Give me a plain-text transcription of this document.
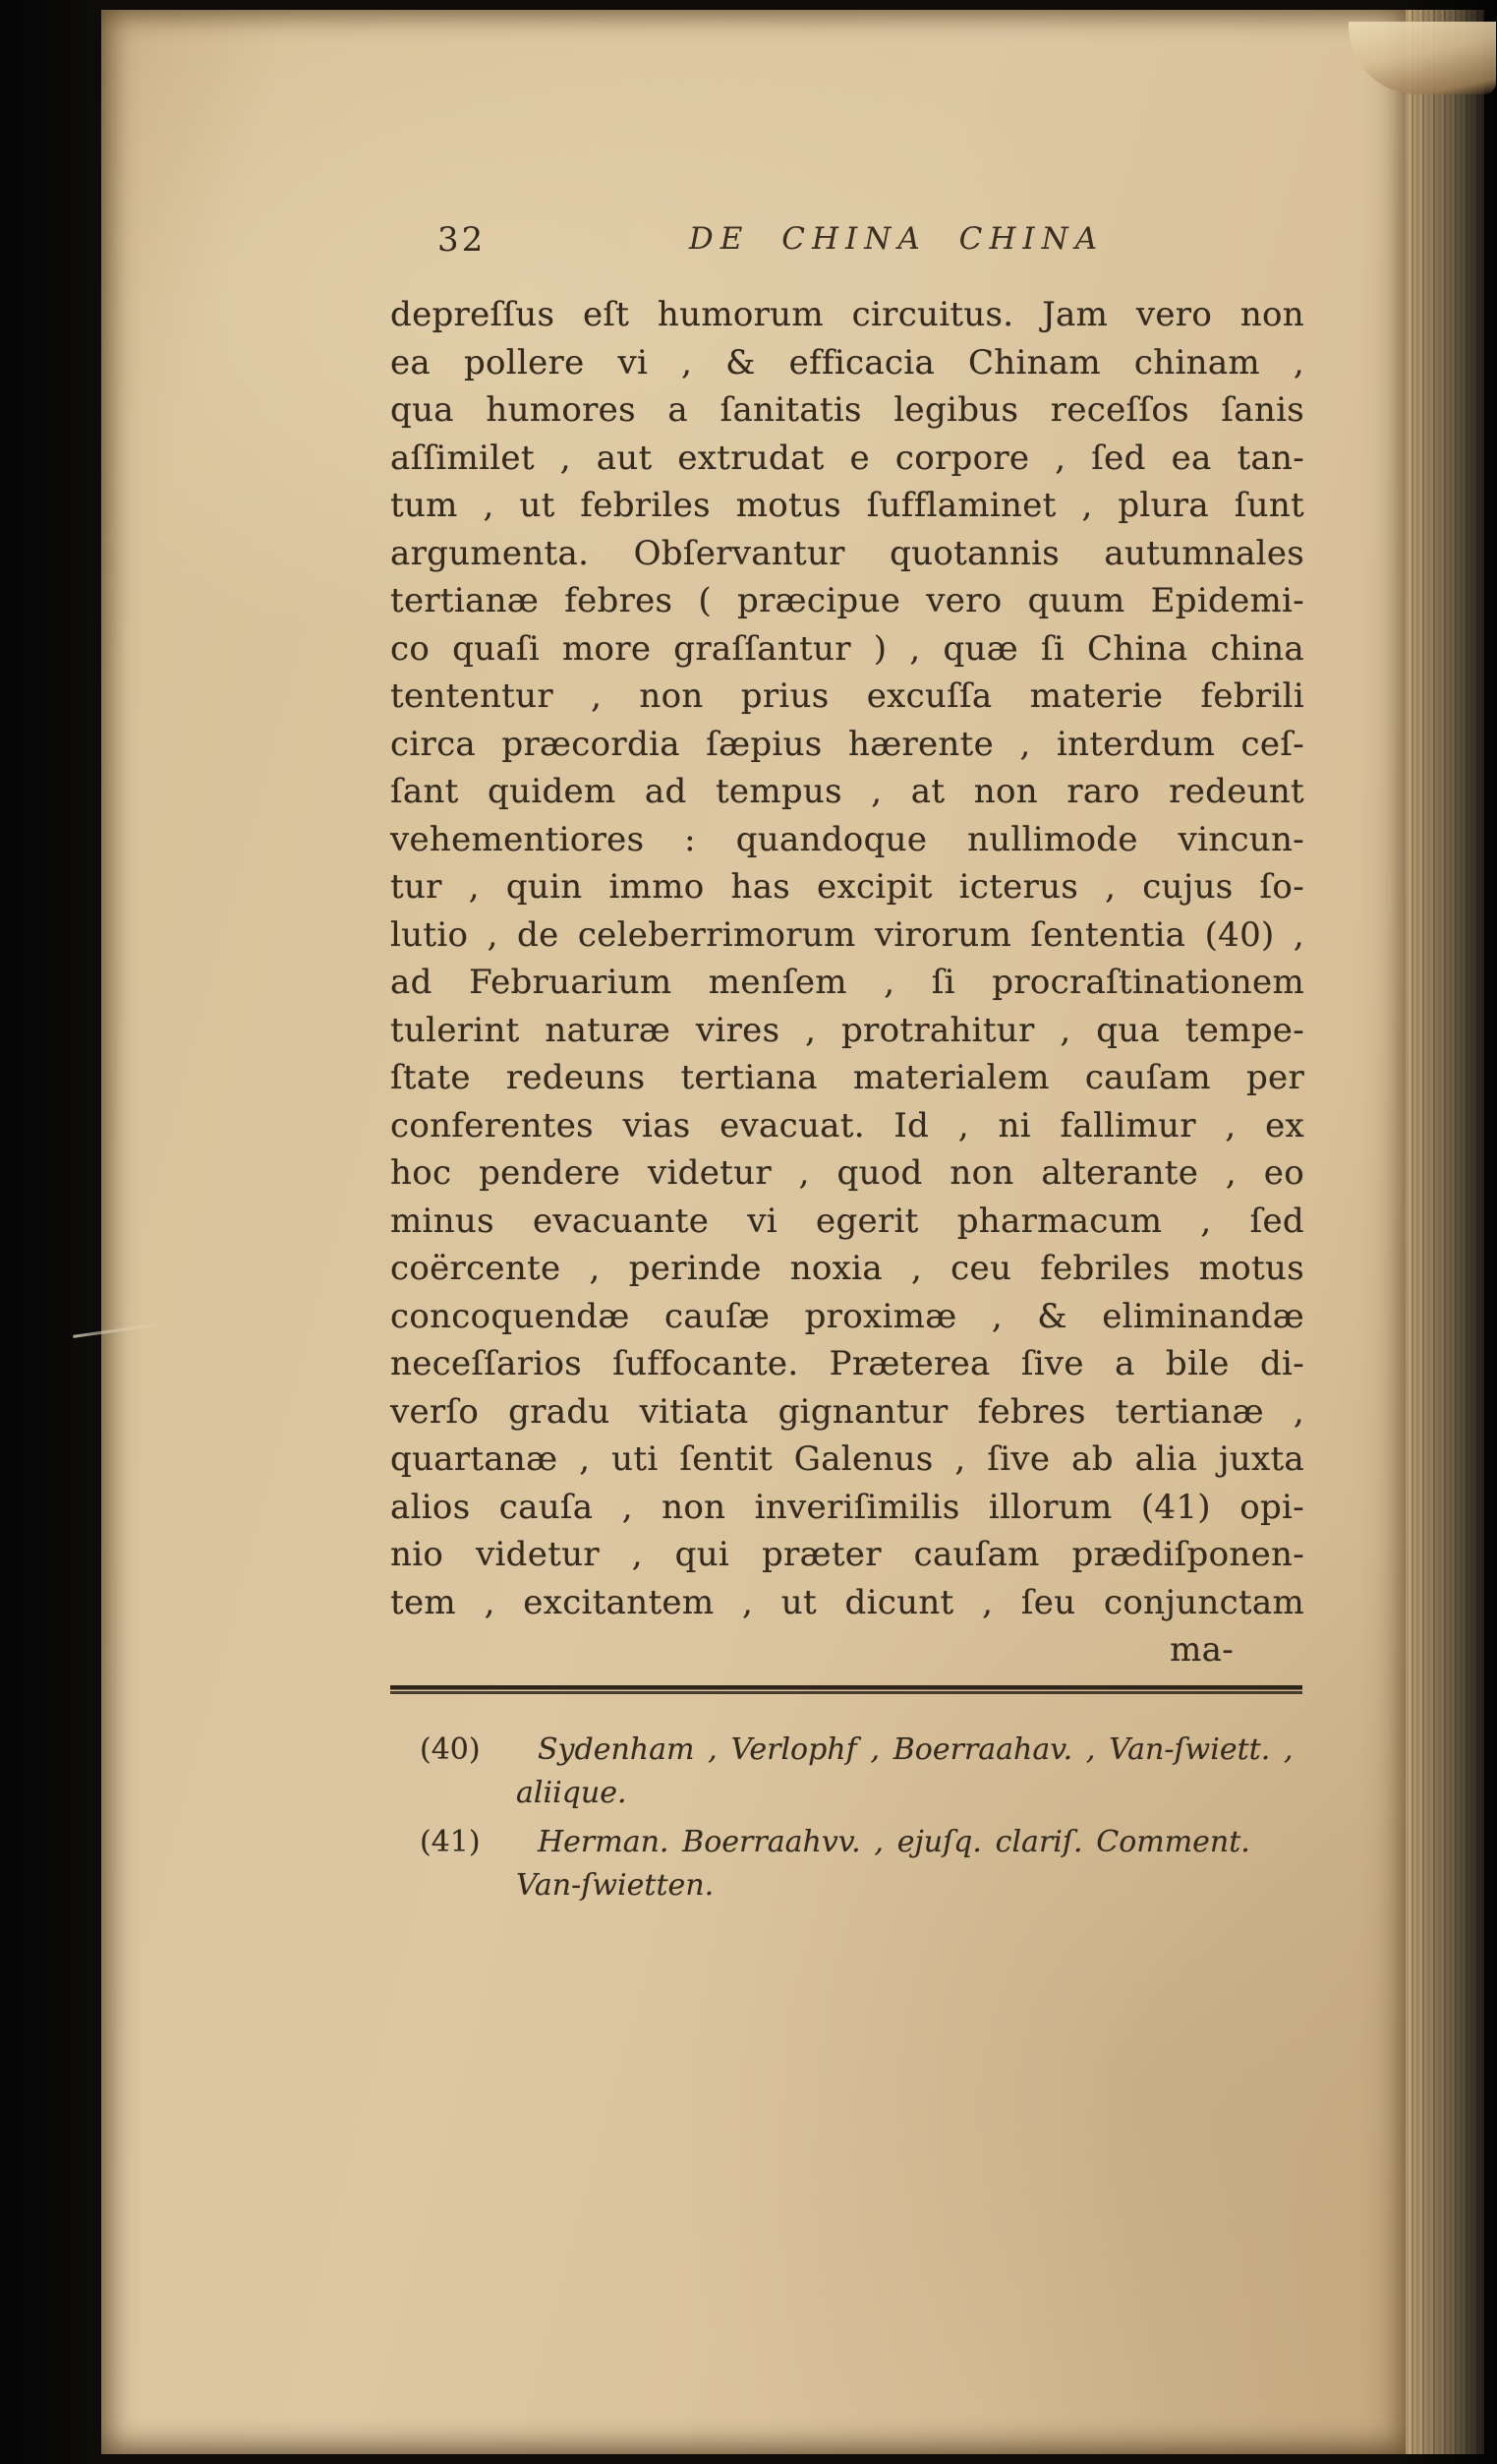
32	DE CHINA CHINA
depreſſus eſt humorum circuitus. Jam vero non
ea pollere vi , & efficacia Chinam chinam ,
qua humores a ſanitatis legibus receſſos ſanis
aſſimilet , aut extrudat e corpore , ſed ea tan-
tum , ut febriles motus ſufflaminet , plura ſunt
argumenta. Obſervantur quotannis autumnales
tertianæ febres ( præcipue vero quum Epidemi-
co quaſi more graſſantur ) , quæ ſi China china
tententur , non prius excuſſa materie febrili
circa præcordia ſæpius hærente , interdum ceſ-
ſant quidem ad tempus , at non raro redeunt
vehementiores : quandoque nullimode vincun-
tur , quin immo has excipit icterus , cujus ſo-
lutio , de celeberrimorum virorum ſententia (40) ,
ad Februarium menſem , ſi procraſtinationem
tulerint naturæ vires , protrahitur , qua tempe-
ſtate redeuns tertiana materialem cauſam per
conferentes vias evacuat. Id , ni fallimur , ex
hoc pendere videtur , quod non alterante , eo
minus evacuante vi egerit pharmacum , ſed
coërcente , perinde noxia , ceu febriles motus
concoquendæ cauſæ proximæ , & eliminandæ
neceſſarios ſuffocante. Præterea ſive a bile di-
verſo gradu vitiata gignantur febres tertianæ ,
quartanæ , uti ſentit Galenus , ſive ab alia juxta
alios cauſa , non inveriſimilis illorum (41) opi-
nio videtur , qui præter cauſam prædiſponen-
tem , excitantem , ut dicunt , ſeu conjunctam
ma-
(40) Sydenham , Verlophf , Boerraahav. , Van-ſwiett. ,
aliique.
(41) Herman. Boerraahvv. , ejuſq. clariſ. Comment.
Van-ſwietten.
